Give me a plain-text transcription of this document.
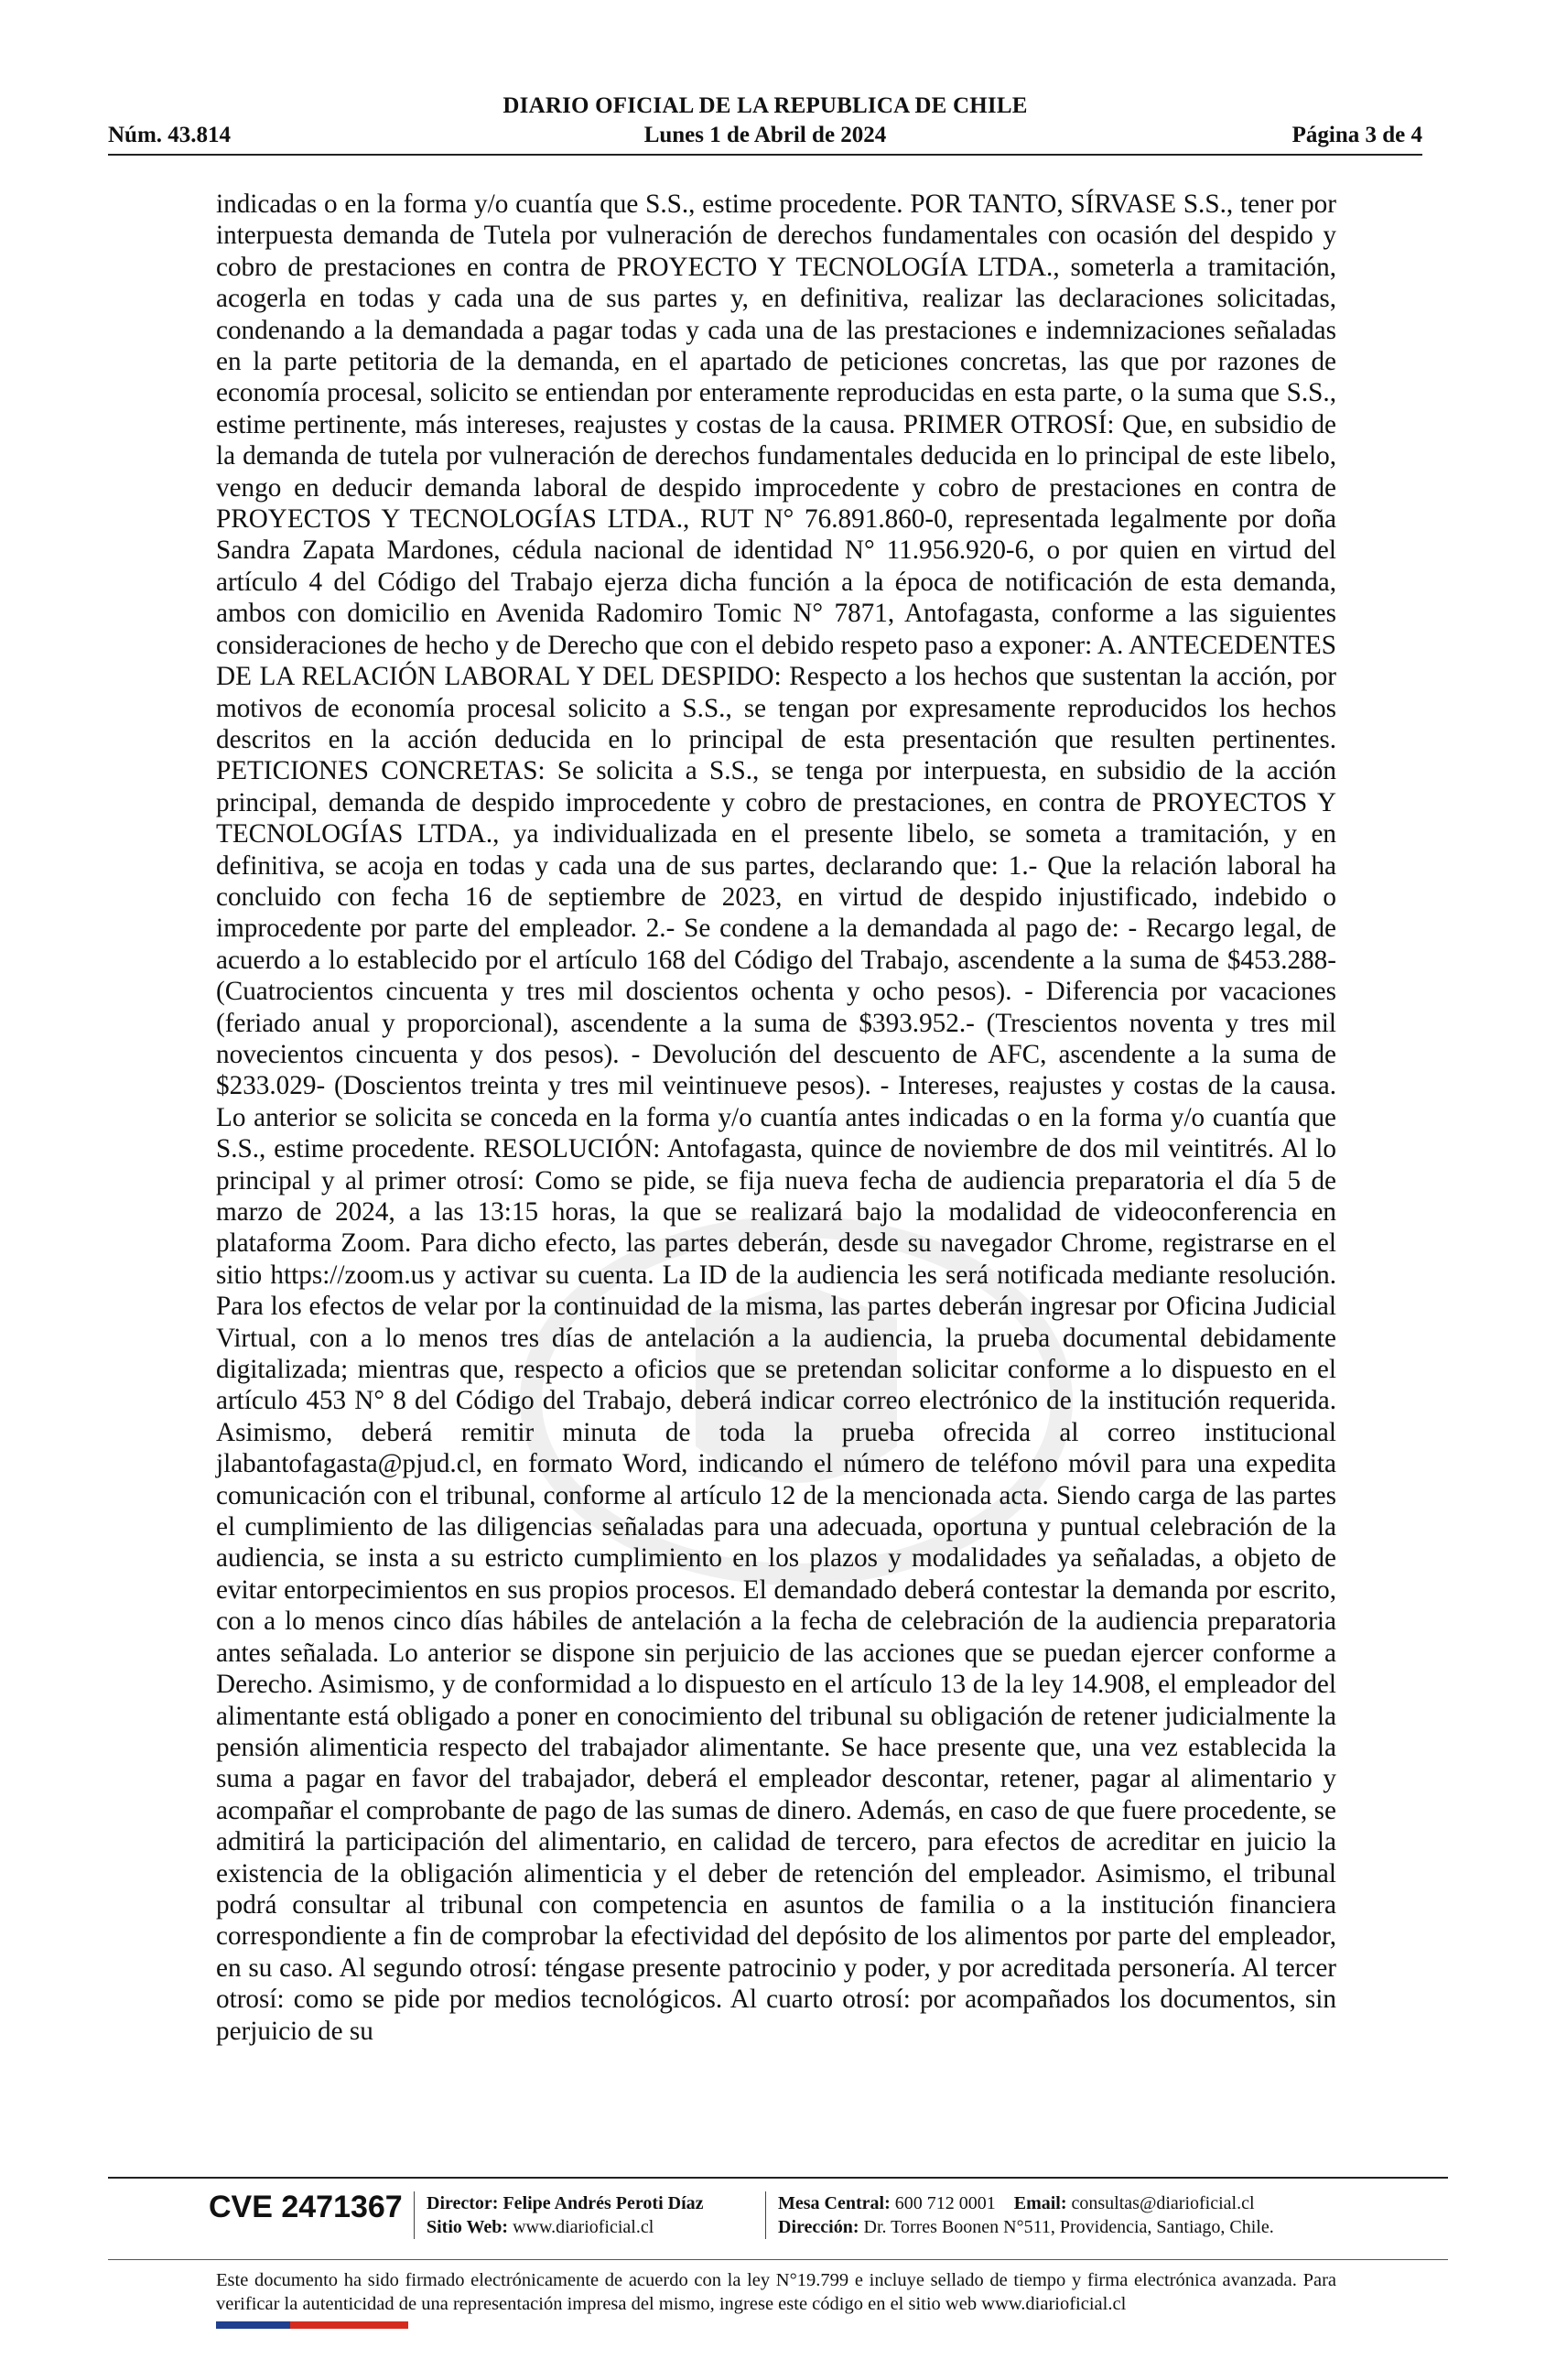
DIARIO OFICIAL DE LA REPUBLICA DE CHILE
Núm. 43.814	Lunes 1 de Abril de 2024	Página 3 de 4
indicadas o en la forma y/o cuantía que S.S., estime procedente. POR TANTO, SÍRVASE S.S., tener por interpuesta demanda de Tutela por vulneración de derechos fundamentales con ocasión del despido y cobro de prestaciones en contra de PROYECTO Y TECNOLOGÍA LTDA., someterla a tramitación, acogerla en todas y cada una de sus partes y, en definitiva, realizar las declaraciones solicitadas, condenando a la demandada a pagar todas y cada una de las prestaciones e indemnizaciones señaladas en la parte petitoria de la demanda, en el apartado de peticiones concretas, las que por razones de economía procesal, solicito se entiendan por enteramente reproducidas en esta parte, o la suma que S.S., estime pertinente, más intereses, reajustes y costas de la causa. PRIMER OTROSÍ: Que, en subsidio de la demanda de tutela por vulneración de derechos fundamentales deducida en lo principal de este libelo, vengo en deducir demanda laboral de despido improcedente y cobro de prestaciones en contra de PROYECTOS Y TECNOLOGÍAS LTDA., RUT N° 76.891.860-0, representada legalmente por doña Sandra Zapata Mardones, cédula nacional de identidad N° 11.956.920-6, o por quien en virtud del artículo 4 del Código del Trabajo ejerza dicha función a la época de notificación de esta demanda, ambos con domicilio en Avenida Radomiro Tomic N° 7871, Antofagasta, conforme a las siguientes consideraciones de hecho y de Derecho que con el debido respeto paso a exponer: A. ANTECEDENTES DE LA RELACIÓN LABORAL Y DEL DESPIDO: Respecto a los hechos que sustentan la acción, por motivos de economía procesal solicito a S.S., se tengan por expresamente reproducidos los hechos descritos en la acción deducida en lo principal de esta presentación que resulten pertinentes. PETICIONES CONCRETAS: Se solicita a S.S., se tenga por interpuesta, en subsidio de la acción principal, demanda de despido improcedente y cobro de prestaciones, en contra de PROYECTOS Y TECNOLOGÍAS LTDA., ya individualizada en el presente libelo, se someta a tramitación, y en definitiva, se acoja en todas y cada una de sus partes, declarando que: 1.- Que la relación laboral ha concluido con fecha 16 de septiembre de 2023, en virtud de despido injustificado, indebido o improcedente por parte del empleador. 2.- Se condene a la demandada al pago de: - Recargo legal, de acuerdo a lo establecido por el artículo 168 del Código del Trabajo, ascendente a la suma de $453.288- (Cuatrocientos cincuenta y tres mil doscientos ochenta y ocho pesos). - Diferencia por vacaciones (feriado anual y proporcional), ascendente a la suma de $393.952.- (Trescientos noventa y tres mil novecientos cincuenta y dos pesos). - Devolución del descuento de AFC, ascendente a la suma de $233.029- (Doscientos treinta y tres mil veintinueve pesos). - Intereses, reajustes y costas de la causa. Lo anterior se solicita se conceda en la forma y/o cuantía antes indicadas o en la forma y/o cuantía que S.S., estime procedente. RESOLUCIÓN: Antofagasta, quince de noviembre de dos mil veintitrés. Al lo principal y al primer otrosí: Como se pide, se fija nueva fecha de audiencia preparatoria el día 5 de marzo de 2024, a las 13:15 horas, la que se realizará bajo la modalidad de videoconferencia en plataforma Zoom. Para dicho efecto, las partes deberán, desde su navegador Chrome, registrarse en el sitio https://zoom.us y activar su cuenta. La ID de la audiencia les será notificada mediante resolución. Para los efectos de velar por la continuidad de la misma, las partes deberán ingresar por Oficina Judicial Virtual, con a lo menos tres días de antelación a la audiencia, la prueba documental debidamente digitalizada; mientras que, respecto a oficios que se pretendan solicitar conforme a lo dispuesto en el artículo 453 N° 8 del Código del Trabajo, deberá indicar correo electrónico de la institución requerida. Asimismo, deberá remitir minuta de toda la prueba ofrecida al correo institucional jlabantofagasta@pjud.cl, en formato Word, indicando el número de teléfono móvil para una expedita comunicación con el tribunal, conforme al artículo 12 de la mencionada acta. Siendo carga de las partes el cumplimiento de las diligencias señaladas para una adecuada, oportuna y puntual celebración de la audiencia, se insta a su estricto cumplimiento en los plazos y modalidades ya señaladas, a objeto de evitar entorpecimientos en sus propios procesos. El demandado deberá contestar la demanda por escrito, con a lo menos cinco días hábiles de antelación a la fecha de celebración de la audiencia preparatoria antes señalada. Lo anterior se dispone sin perjuicio de las acciones que se puedan ejercer conforme a Derecho. Asimismo, y de conformidad a lo dispuesto en el artículo 13 de la ley 14.908, el empleador del alimentante está obligado a poner en conocimiento del tribunal su obligación de retener judicialmente la pensión alimenticia respecto del trabajador alimentante. Se hace presente que, una vez establecida la suma a pagar en favor del trabajador, deberá el empleador descontar, retener, pagar al alimentario y acompañar el comprobante de pago de las sumas de dinero. Además, en caso de que fuere procedente, se admitirá la participación del alimentario, en calidad de tercero, para efectos de acreditar en juicio la existencia de la obligación alimenticia y el deber de retención del empleador. Asimismo, el tribunal podrá consultar al tribunal con competencia en asuntos de familia o a la institución financiera correspondiente a fin de comprobar la efectividad del depósito de los alimentos por parte del empleador, en su caso. Al segundo otrosí: téngase presente patrocinio y poder, y por acreditada personería. Al tercer otrosí: como se pide por medios tecnológicos. Al cuarto otrosí: por acompañados los documentos, sin perjuicio de su
CVE 2471367 Director: Felipe Andrés Peroti Díaz
Sitio Web: www.diarioficial.cl
Mesa Central: 600 712 0001 Email: consultas@diarioficial.cl
Dirección: Dr. Torres Boonen N°511, Providencia, Santiago, Chile.
Este documento ha sido firmado electrónicamente de acuerdo con la ley N°19.799 e incluye sellado de tiempo y firma electrónica avanzada. Para verificar la autenticidad de una representación impresa del mismo, ingrese este código en el sitio web www.diarioficial.cl
